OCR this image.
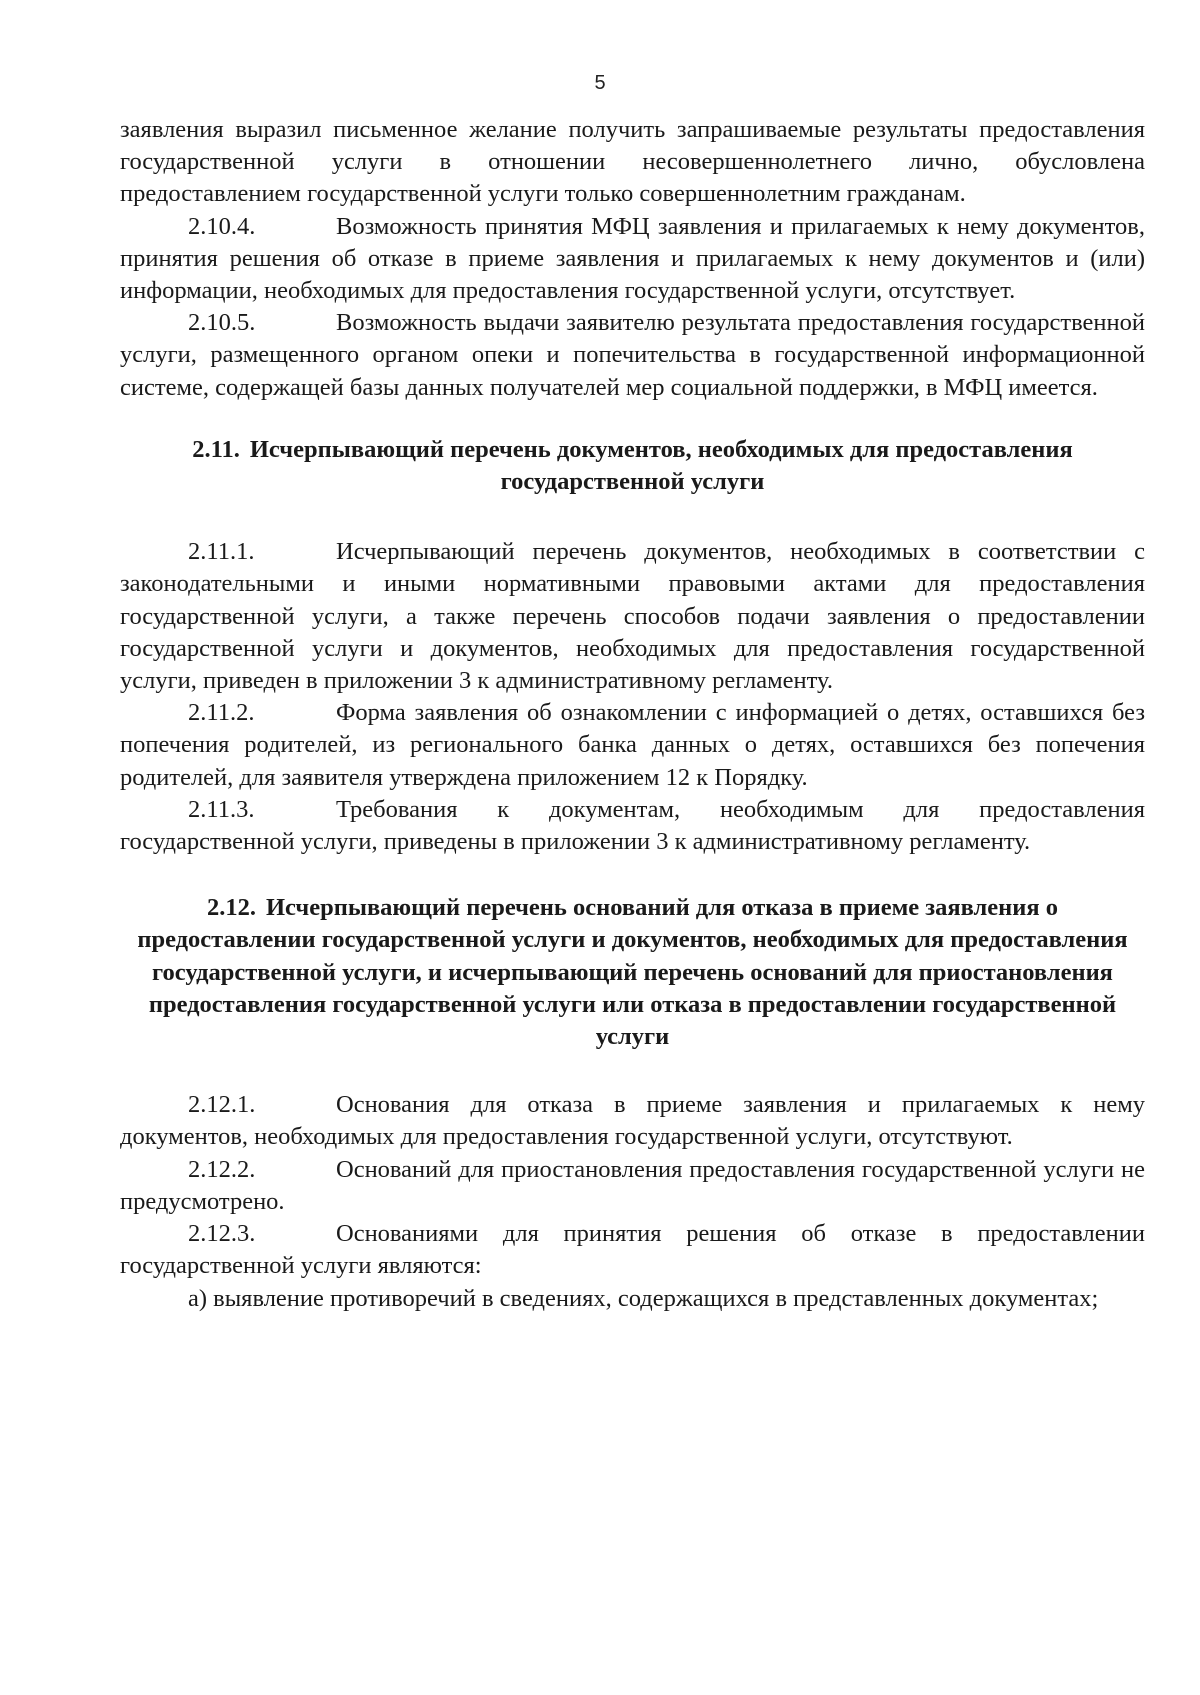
5

заявления выразил письменное желание получить запрашиваемые результаты предоставления государственной услуги в отношении несовершеннолетнего лично, обусловлена предоставлением государственной услуги только совершеннолетним гражданам.

2.10.4.	Возможность принятия МФЦ заявления и прилагаемых к нему документов, принятия решения об отказе в приеме заявления и прилагаемых к нему документов и (или) информации, необходимых для предоставления государственной услуги, отсутствует.

2.10.5.	Возможность выдачи заявителю результата предоставления государственной услуги, размещенного органом опеки и попечительства в государственной информационной системе, содержащей базы данных получателей мер социальной поддержки, в МФЦ имеется.

2.11. Исчерпывающий перечень документов, необходимых для предоставления государственной услуги

2.11.1.	Исчерпывающий перечень документов, необходимых в соответствии с законодательными и иными нормативными правовыми актами для предоставления государственной услуги, а также перечень способов подачи заявления о предоставлении государственной услуги и документов, необходимых для предоставления государственной услуги, приведен в приложении 3 к административному регламенту.

2.11.2.	Форма заявления об ознакомлении с информацией о детях, оставшихся без попечения родителей, из регионального банка данных о детях, оставшихся без попечения родителей, для заявителя утверждена приложением 12 к Порядку.

2.11.3.	Требования к документам, необходимым для предоставления государственной услуги, приведены в приложении 3 к административному регламенту.

2.12. Исчерпывающий перечень оснований для отказа в приеме заявления о предоставлении государственной услуги и документов, необходимых для предоставления государственной услуги, и исчерпывающий перечень оснований для приостановления предоставления государственной услуги или отказа в предоставлении государственной услуги

2.12.1.	Основания для отказа в приеме заявления и прилагаемых к нему документов, необходимых для предоставления государственной услуги, отсутствуют.

2.12.2.	Оснований для приостановления предоставления государственной услуги не предусмотрено.

2.12.3.	Основаниями для принятия решения об отказе в предоставлении государственной услуги являются:

а) выявление противоречий в сведениях, содержащихся в представленных документах;
